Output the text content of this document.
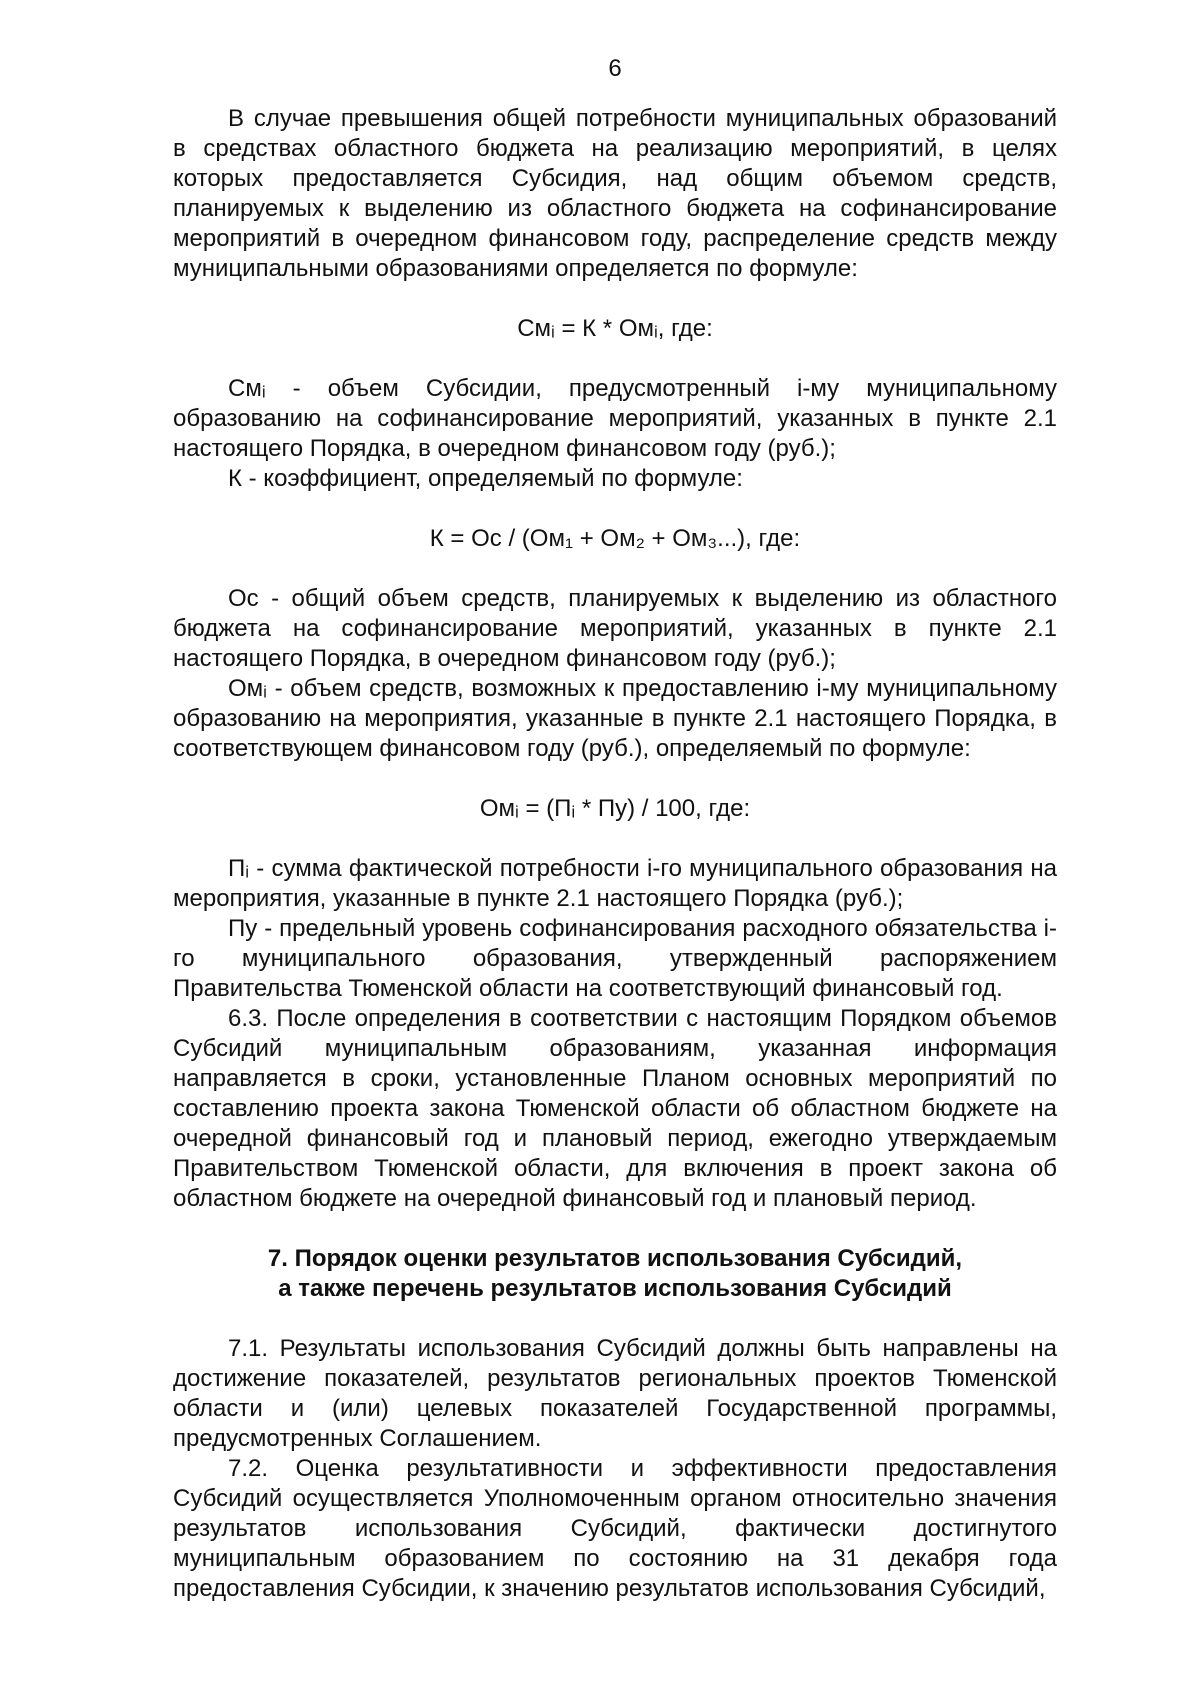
6

В случае превышения общей потребности муниципальных образований в средствах областного бюджета на реализацию мероприятий, в целях которых предоставляется Субсидия, над общим объемом средств, планируемых к выделению из областного бюджета на софинансирование мероприятий в очередном финансовом году, распределение средств между муниципальными образованиями определяется по формуле:

Смᵢ = К * Омᵢ, где:

Смᵢ - объем Субсидии, предусмотренный i-му муниципальному образованию на софинансирование мероприятий, указанных в пункте 2.1 настоящего Порядка, в очередном финансовом году (руб.);

К - коэффициент, определяемый по формуле:

К = Ос / (Ом₁ + Ом₂ + Ом₃...), где:

Ос - общий объем средств, планируемых к выделению из областного бюджета на софинансирование мероприятий, указанных в пункте 2.1 настоящего Порядка, в очередном финансовом году (руб.);

Омᵢ - объем средств, возможных к предоставлению i-му муниципальному образованию на мероприятия, указанные в пункте 2.1 настоящего Порядка, в соответствующем финансовом году (руб.), определяемый по формуле:

Омᵢ = (Пᵢ * Пу) / 100, где:

Пᵢ - сумма фактической потребности i-го муниципального образования на мероприятия, указанные в пункте 2.1 настоящего Порядка (руб.);

Пу - предельный уровень софинансирования расходного обязательства i-го муниципального образования, утвержденный распоряжением Правительства Тюменской области на соответствующий финансовый год.

6.3. После определения в соответствии с настоящим Порядком объемов Субсидий муниципальным образованиям, указанная информация направляется в сроки, установленные Планом основных мероприятий по составлению проекта закона Тюменской области об областном бюджете на очередной финансовый год и плановый период, ежегодно утверждаемым Правительством Тюменской области, для включения в проект закона об областном бюджете на очередной финансовый год и плановый период.

7. Порядок оценки результатов использования Субсидий,
а также перечень результатов использования Субсидий

7.1. Результаты использования Субсидий должны быть направлены на достижение показателей, результатов региональных проектов Тюменской области и (или) целевых показателей Государственной программы, предусмотренных Соглашением.

7.2. Оценка результативности и эффективности предоставления Субсидий осуществляется Уполномоченным органом относительно значения результатов использования Субсидий, фактически достигнутого муниципальным образованием по состоянию на 31 декабря года предоставления Субсидии, к значению результатов использования Субсидий,
